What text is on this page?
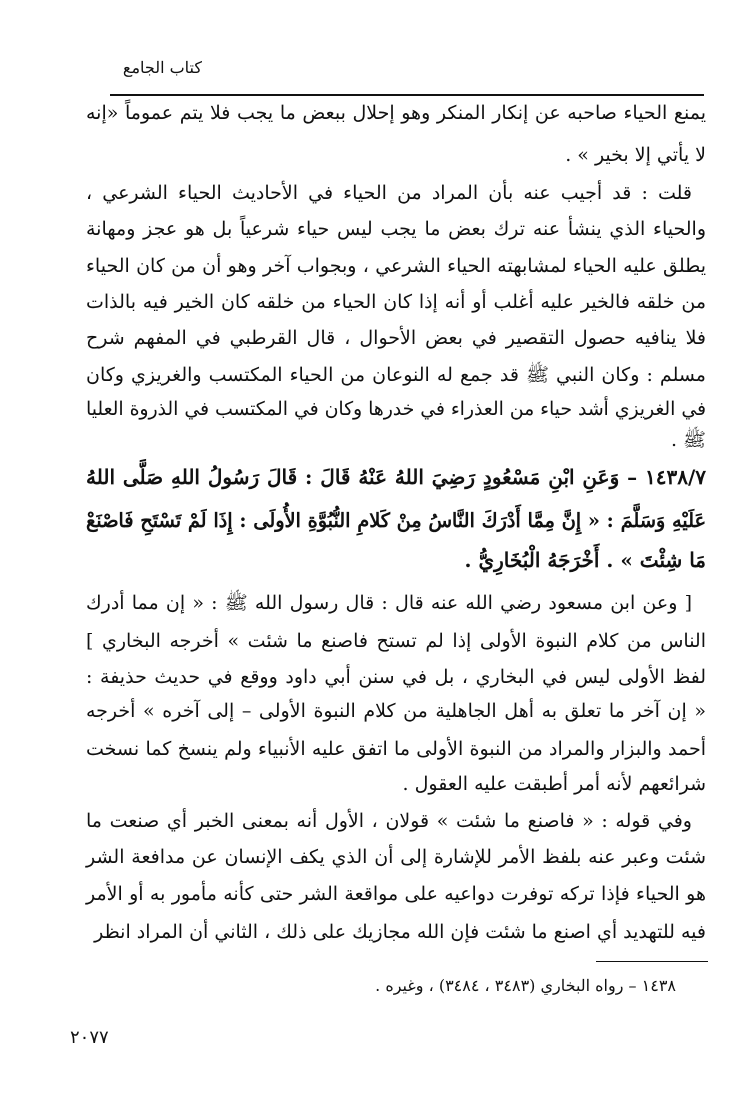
كتاب الجامع
يمنع الحياء صاحبه عن إنكار المنكر وهو إحلال ببعض ما يجب فلا يتم عموماً «إنه
لا يأتي إلا بخير » .
قلت : قد أجيب عنه بأن المراد من الحياء في الأحاديث الحياء الشرعي ،
والحياء الذي ينشأ عنه ترك بعض ما يجب ليس حياء شرعياً بل هو عجز ومهانة
يطلق عليه الحياء لمشابهته الحياء الشرعي ، وبجواب آخر وهو أن من كان الحياء
من خلقه فالخير عليه أغلب أو أنه إذا كان الحياء من خلقه كان الخير فيه بالذات
فلا ينافيه حصول التقصير في بعض الأحوال ، قال القرطبي في المفهم شرح
مسلم : وكان النبي ﷺ قد جمع له النوعان من الحياء المكتسب والغريزي وكان
في الغريزي أشد حياء من العذراء في خدرها وكان في المكتسب في الذروة العليا
ﷺ .
١٤٣٨/٧ – وَعَنِ ابْنِ مَسْعُودٍ رَضِيَ اللهُ عَنْهُ قَالَ : قَالَ رَسُولُ اللهِ صَلَّى اللهُ
عَلَيْهِ وَسَلَّمَ : « إِنَّ مِمَّا أَدْرَكَ النَّاسُ مِنْ كَلامِ النُّبُوَّةِ الأُولَى : إِذَا لَمْ تَسْتَحِ فَاصْنَعْ
مَا شِئْتَ » . أَخْرَجَهُ الْبُخَارِيُّ .
[ وعن ابن مسعود رضي الله عنه قال : قال رسول الله ﷺ : « إن مما أدرك
الناس من كلام النبوة الأولى إذا لم تستح فاصنع ما شئت » أخرجه البخاري ]
لفظ الأولى ليس في البخاري ، بل في سنن أبي داود ووقع في حديث حذيفة :
« إن آخر ما تعلق به أهل الجاهلية من كلام النبوة الأولى – إلى آخره » أخرجه
أحمد والبزار والمراد من النبوة الأولى ما اتفق عليه الأنبياء ولم ينسخ كما نسخت
شرائعهم لأنه أمر أطبقت عليه العقول .
وفي قوله : « فاصنع ما شئت » قولان ، الأول أنه بمعنى الخبر أي صنعت ما
شئت وعبر عنه بلفظ الأمر للإشارة إلى أن الذي يكف الإنسان عن مدافعة الشر
هو الحياء فإذا تركه توفرت دواعيه على مواقعة الشر حتى كأنه مأمور به أو الأمر
فيه للتهديد أي اصنع ما شئت فإن الله مجازيك على ذلك ، الثاني أن المراد انظر
١٤٣٨ – رواه البخاري (٣٤٨٣ ، ٣٤٨٤) ، وغيره .
٢٠٧٧
